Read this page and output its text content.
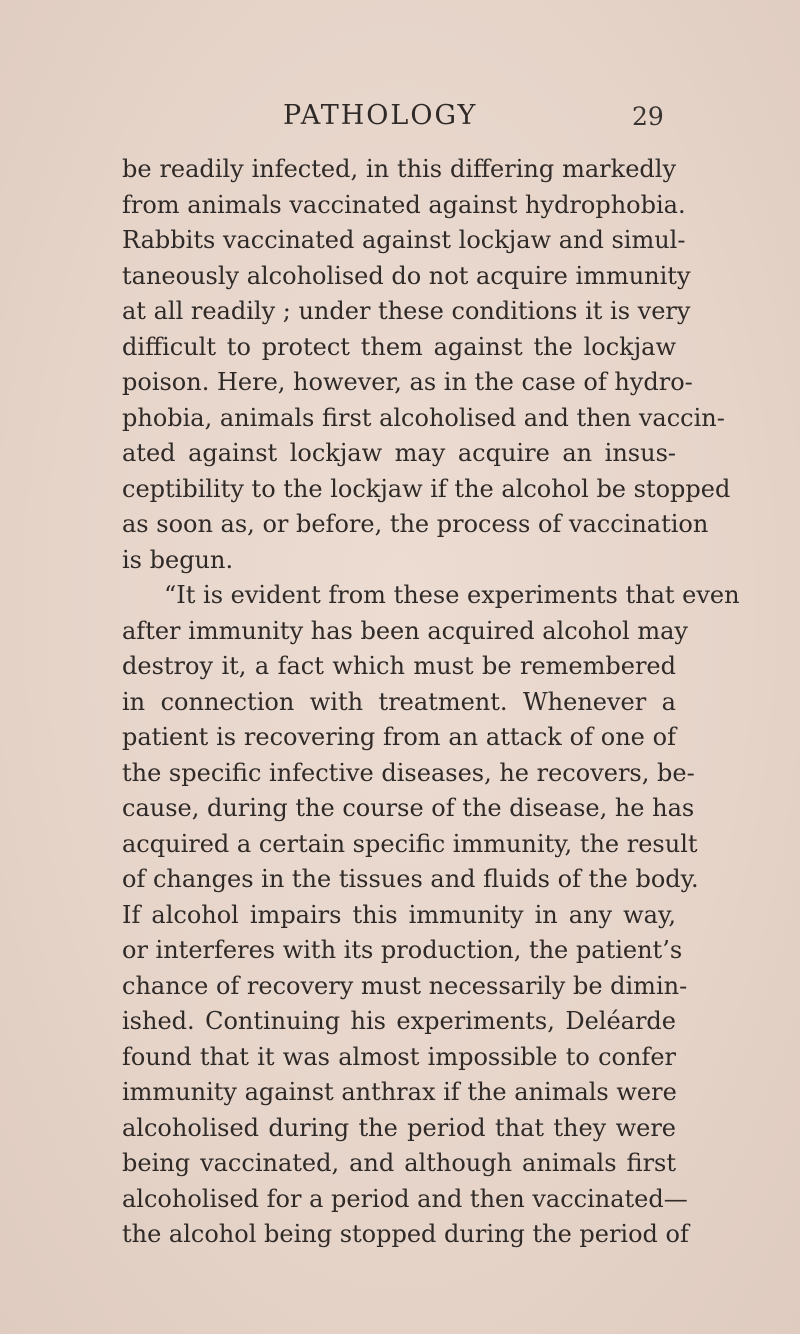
PATHOLOGY	29
be readily infected, in this differing markedly
from animals vaccinated against hydrophobia.
Rabbits vaccinated against lockjaw and simul-
taneously alcoholised do not acquire immunity
at all readily ; under these conditions it is very
difficult to protect them against the lockjaw
poison. Here, however, as in the case of hydro-
phobia, animals first alcoholised and then vaccin-
ated against lockjaw may acquire an insus-
ceptibility to the lockjaw if the alcohol be stopped
as soon as, or before, the process of vaccination
is begun.
“It is evident from these experiments that even
after immunity has been acquired alcohol may
destroy it, a fact which must be remembered
in connection with treatment. Whenever a
patient is recovering from an attack of one of
the specific infective diseases, he recovers, be-
cause, during the course of the disease, he has
acquired a certain specific immunity, the result
of changes in the tissues and fluids of the body.
If alcohol impairs this immunity in any way,
or interferes with its production, the patient’s
chance of recovery must necessarily be dimin-
ished. Continuing his experiments, Deléarde
found that it was almost impossible to confer
immunity against anthrax if the animals were
alcoholised during the period that they were
being vaccinated, and although animals first
alcoholised for a period and then vaccinated—
the alcohol being stopped during the period of
